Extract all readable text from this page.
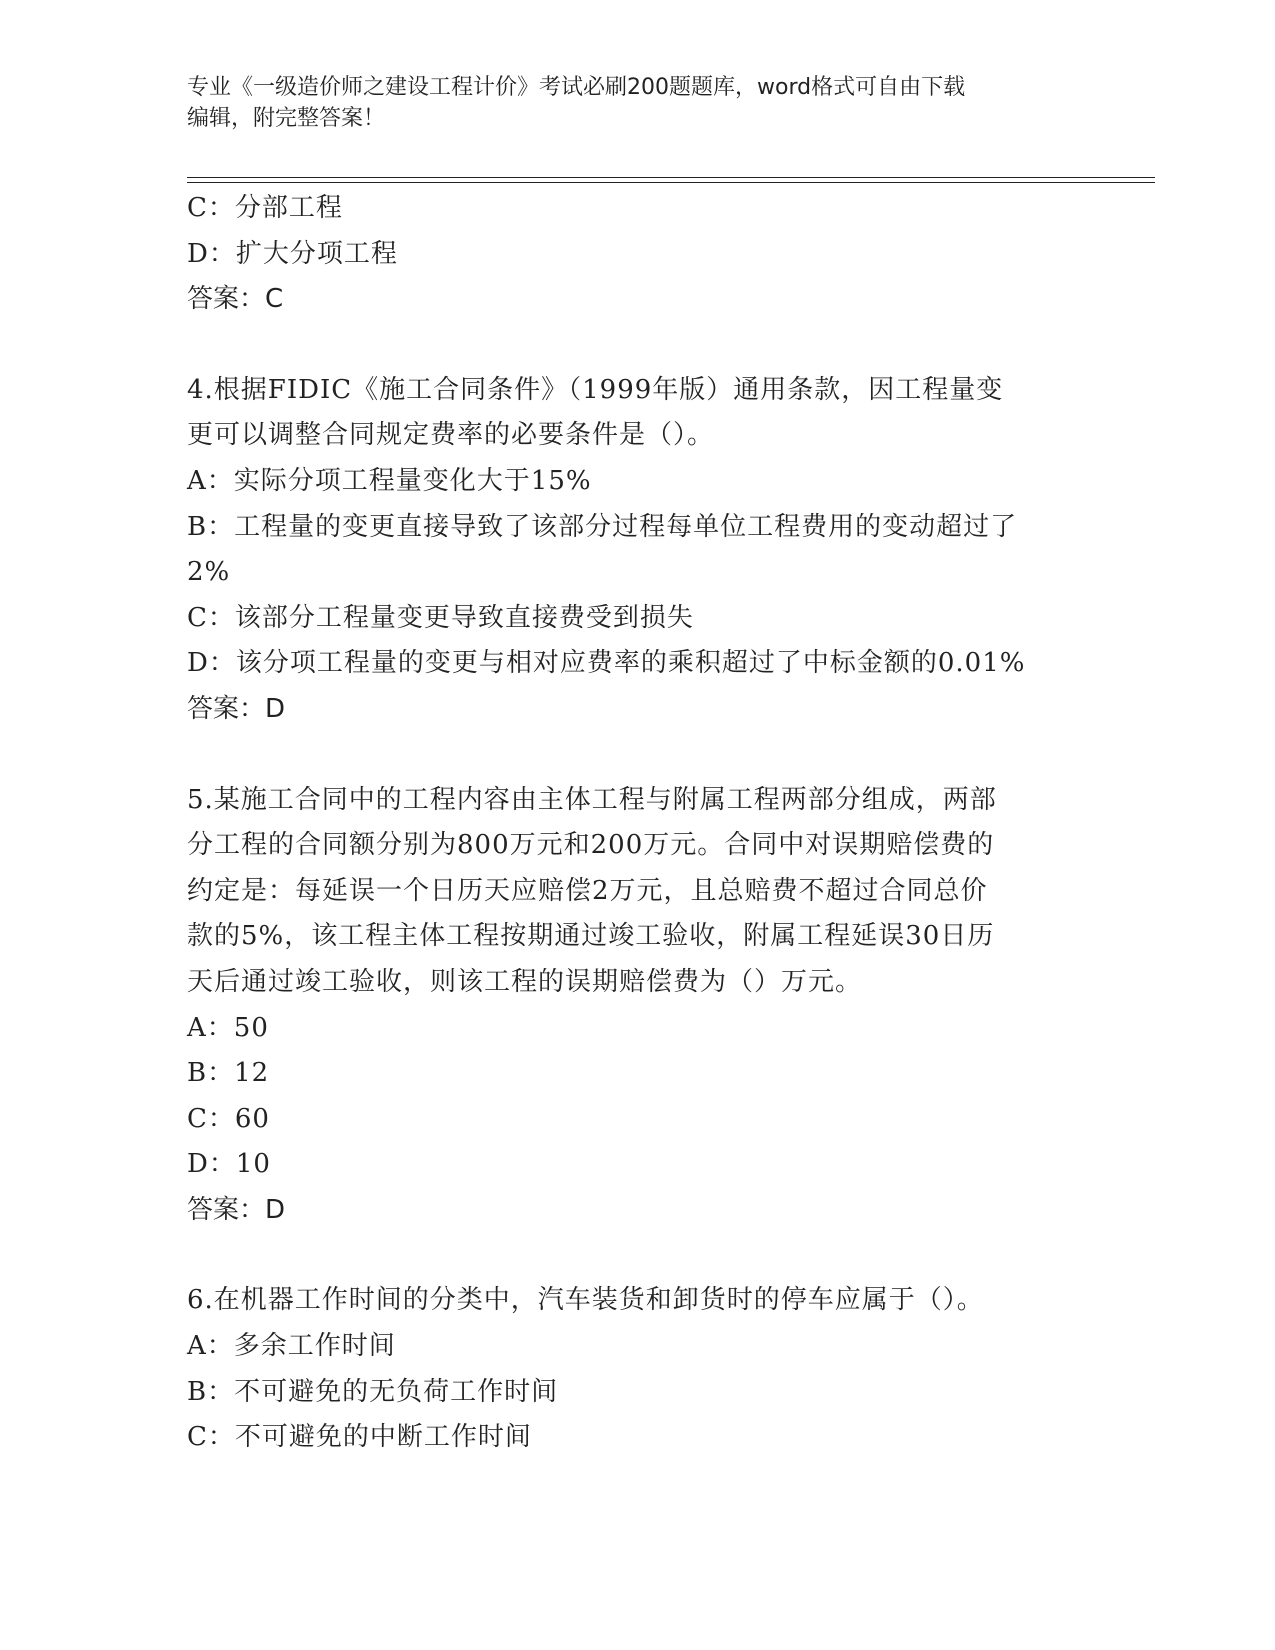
专业《一级造价师之建设工程计价》考试必刷200题题库，word格式可自由下载
编辑，附完整答案！

C：分部工程

D：扩大分项工程

答案：C

4.根据FIDIC《施工合同条件》（1999年版）通用条款，因工程量变

更可以调整合同规定费率的必要条件是（）。

A：实际分项工程量变化大于15%

B：工程量的变更直接导致了该部分过程每单位工程费用的变动超过了

2%

C：该部分工程量变更导致直接费受到损失

D：该分项工程量的变更与相对应费率的乘积超过了中标金额的0.01%

答案：D

5.某施工合同中的工程内容由主体工程与附属工程两部分组成，两部

分工程的合同额分别为800万元和200万元。合同中对误期赔偿费的

约定是：每延误一个日历天应赔偿2万元，且总赔费不超过合同总价

款的5%，该工程主体工程按期通过竣工验收，附属工程延误30日历

天后通过竣工验收，则该工程的误期赔偿费为（）万元。

A：50

B：12

C：60

D：10

答案：D

6.在机器工作时间的分类中，汽车装货和卸货时的停车应属于（）。

A：多余工作时间

B：不可避免的无负荷工作时间

C：不可避免的中断工作时间
